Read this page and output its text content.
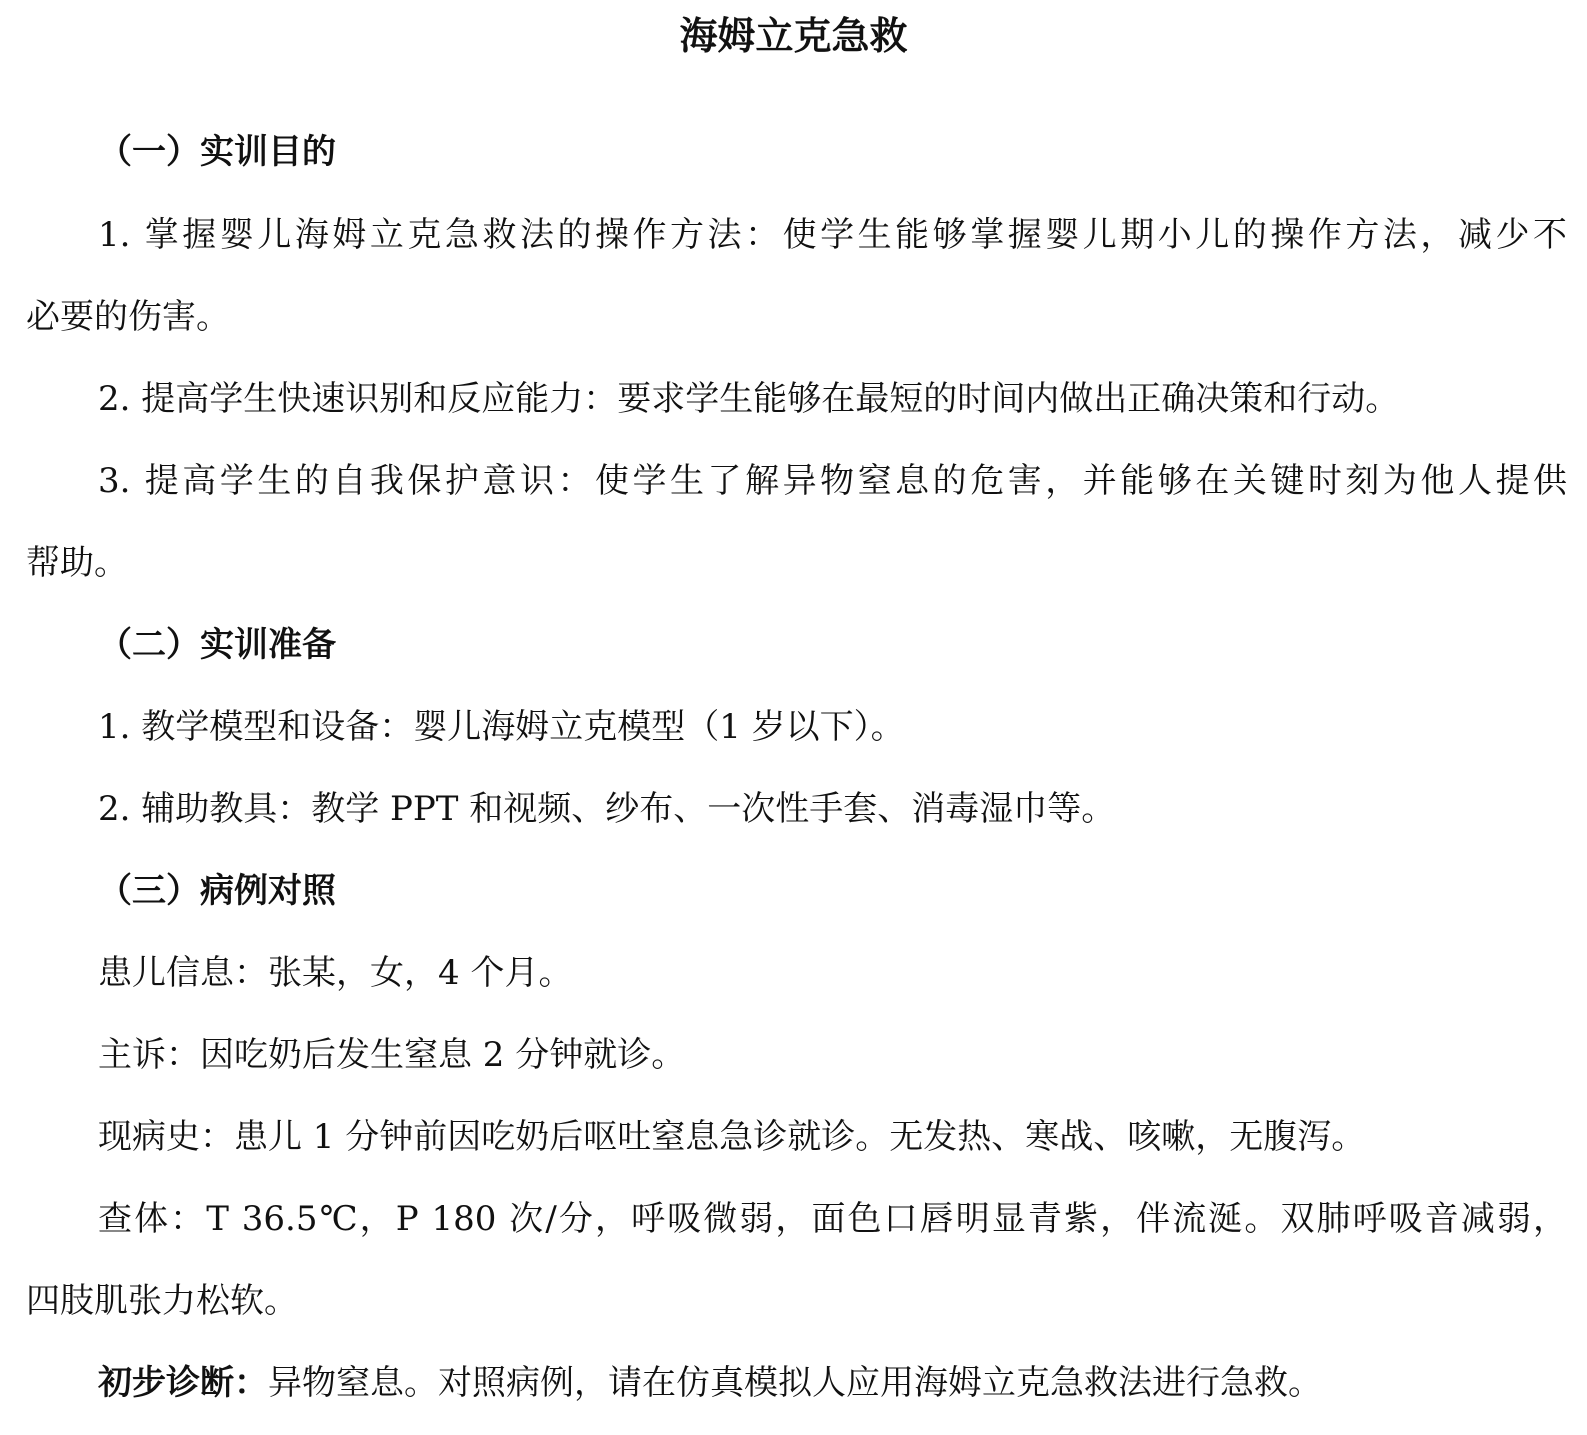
海姆立克急救
（一）实训目的
1. 掌握婴儿海姆立克急救法的操作方法：使学生能够掌握婴儿期小儿的操作方法，减少不
必要的伤害。
2. 提高学生快速识别和反应能力：要求学生能够在最短的时间内做出正确决策和行动。
3. 提高学生的自我保护意识：使学生了解异物窒息的危害，并能够在关键时刻为他人提供
帮助。
（二）实训准备
1. 教学模型和设备：婴儿海姆立克模型（1 岁以下）。
2. 辅助教具：教学 PPT 和视频、纱布、一次性手套、消毒湿巾等。
（三）病例对照
患儿信息：张某，女，4 个月。
主诉：因吃奶后发生窒息 2 分钟就诊。
现病史：患儿 1 分钟前因吃奶后呕吐窒息急诊就诊。无发热、寒战、咳嗽，无腹泻。
查体：T 36.5℃，P 180 次/分，呼吸微弱，面色口唇明显青紫，伴流涎。双肺呼吸音减弱，
四肢肌张力松软。
初步诊断：异物窒息。对照病例，请在仿真模拟人应用海姆立克急救法进行急救。
